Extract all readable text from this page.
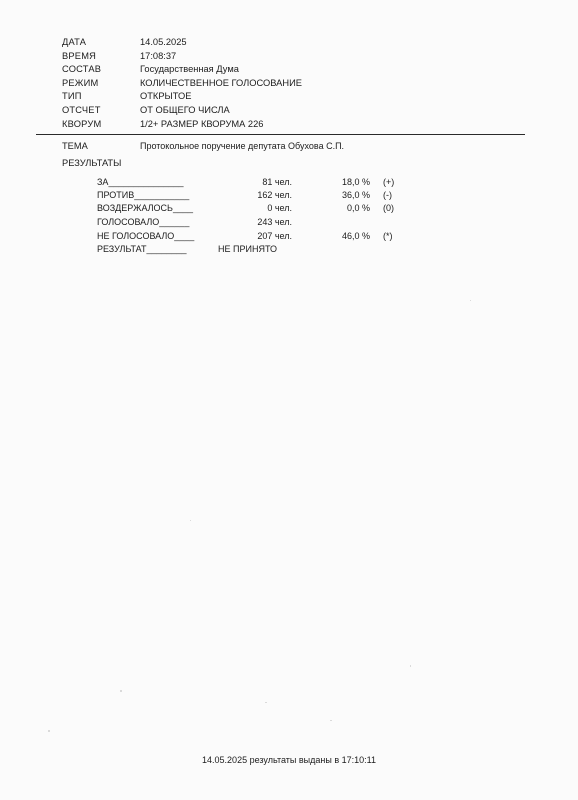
ДАТА	14.05.2025
ВРЕМЯ	17:08:37
СОСТАВ	Государственная Дума
РЕЖИМ	КОЛИЧЕСТВЕННОЕ ГОЛОСОВАНИЕ
ТИП	ОТКРЫТОЕ
ОТСЧЕТ	ОТ ОБЩЕГО ЧИСЛА
КВОРУМ	1/2+ РАЗМЕР КВОРУМА 226
ТЕМА	Протокольное поручение депутата Обухова С.П.
РЕЗУЛЬТАТЫ
ЗА_______________	81 чел.	18,0 % (+)
ПРОТИВ___________	162 чел.	36,0 % (-)
ВОЗДЕРЖАЛОСЬ____	0 чел.	0,0 % (0)
ГОЛОСОВАЛО______	243 чел.
НЕ ГОЛОСОВАЛО____	207 чел.	46,0 % (*)
РЕЗУЛЬТАТ________	НЕ ПРИНЯТО
14.05.2025 результаты выданы в 17:10:11
